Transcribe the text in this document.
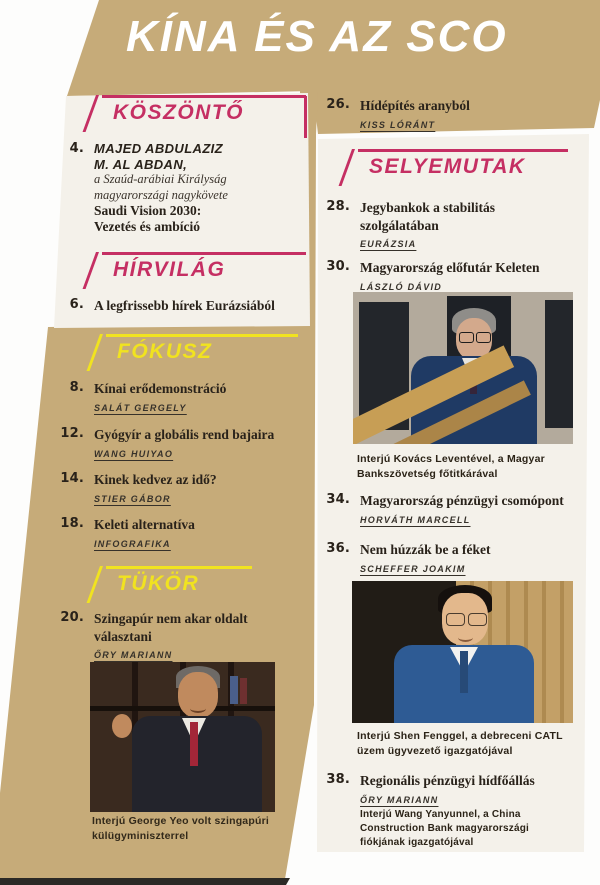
KÍNA ÉS AZ SCO
KÖSZÖNTŐ
4. MAJED ABDULAZIZ
M. AL ABDAN,
a Szaúd-arábiai Királyság
magyarországi nagykövete
Saudi Vision 2030:
Vezetés és ambíció
HÍRVILÁG
6. A legfrissebb hírek Eurázsiából
FÓKUSZ
8. Kínai erődemonstráció
SALÁT GERGELY
12. Gyógyír a globális rend bajaira
WANG HUIYAO
14. Kinek kedvez az idő?
STIER GÁBOR
18. Keleti alternatíva
INFOGRAFIKA
TÜKÖR
20. Szingapúr nem akar oldalt választani
ŐRY MARIANN
Interjú George Yeo volt szingapúri külügyminiszterrel
26. Hídépítés aranyból
KISS LÓRÁNT
SELYEMUTAK
28. Jegybankok a stabilitás szolgálatában
EURÁZSIA
30. Magyarország előfutár Keleten
LÁSZLÓ DÁVID
Interjú Kovács Leventével, a Magyar Bankszövetség főtitkárával
34. Magyarország pénzügyi csomópont
HORVÁTH MARCELL
36. Nem húzzák be a féket
SCHEFFER JOAKIM
Interjú Shen Fenggel, a debreceni CATL üzem ügyvezető igazgatójával
38. Regionális pénzügyi hídfőállás
ŐRY MARIANN
Interjú Wang Yanyunnel, a China Construction Bank magyarországi fiókjának igazgatójával
